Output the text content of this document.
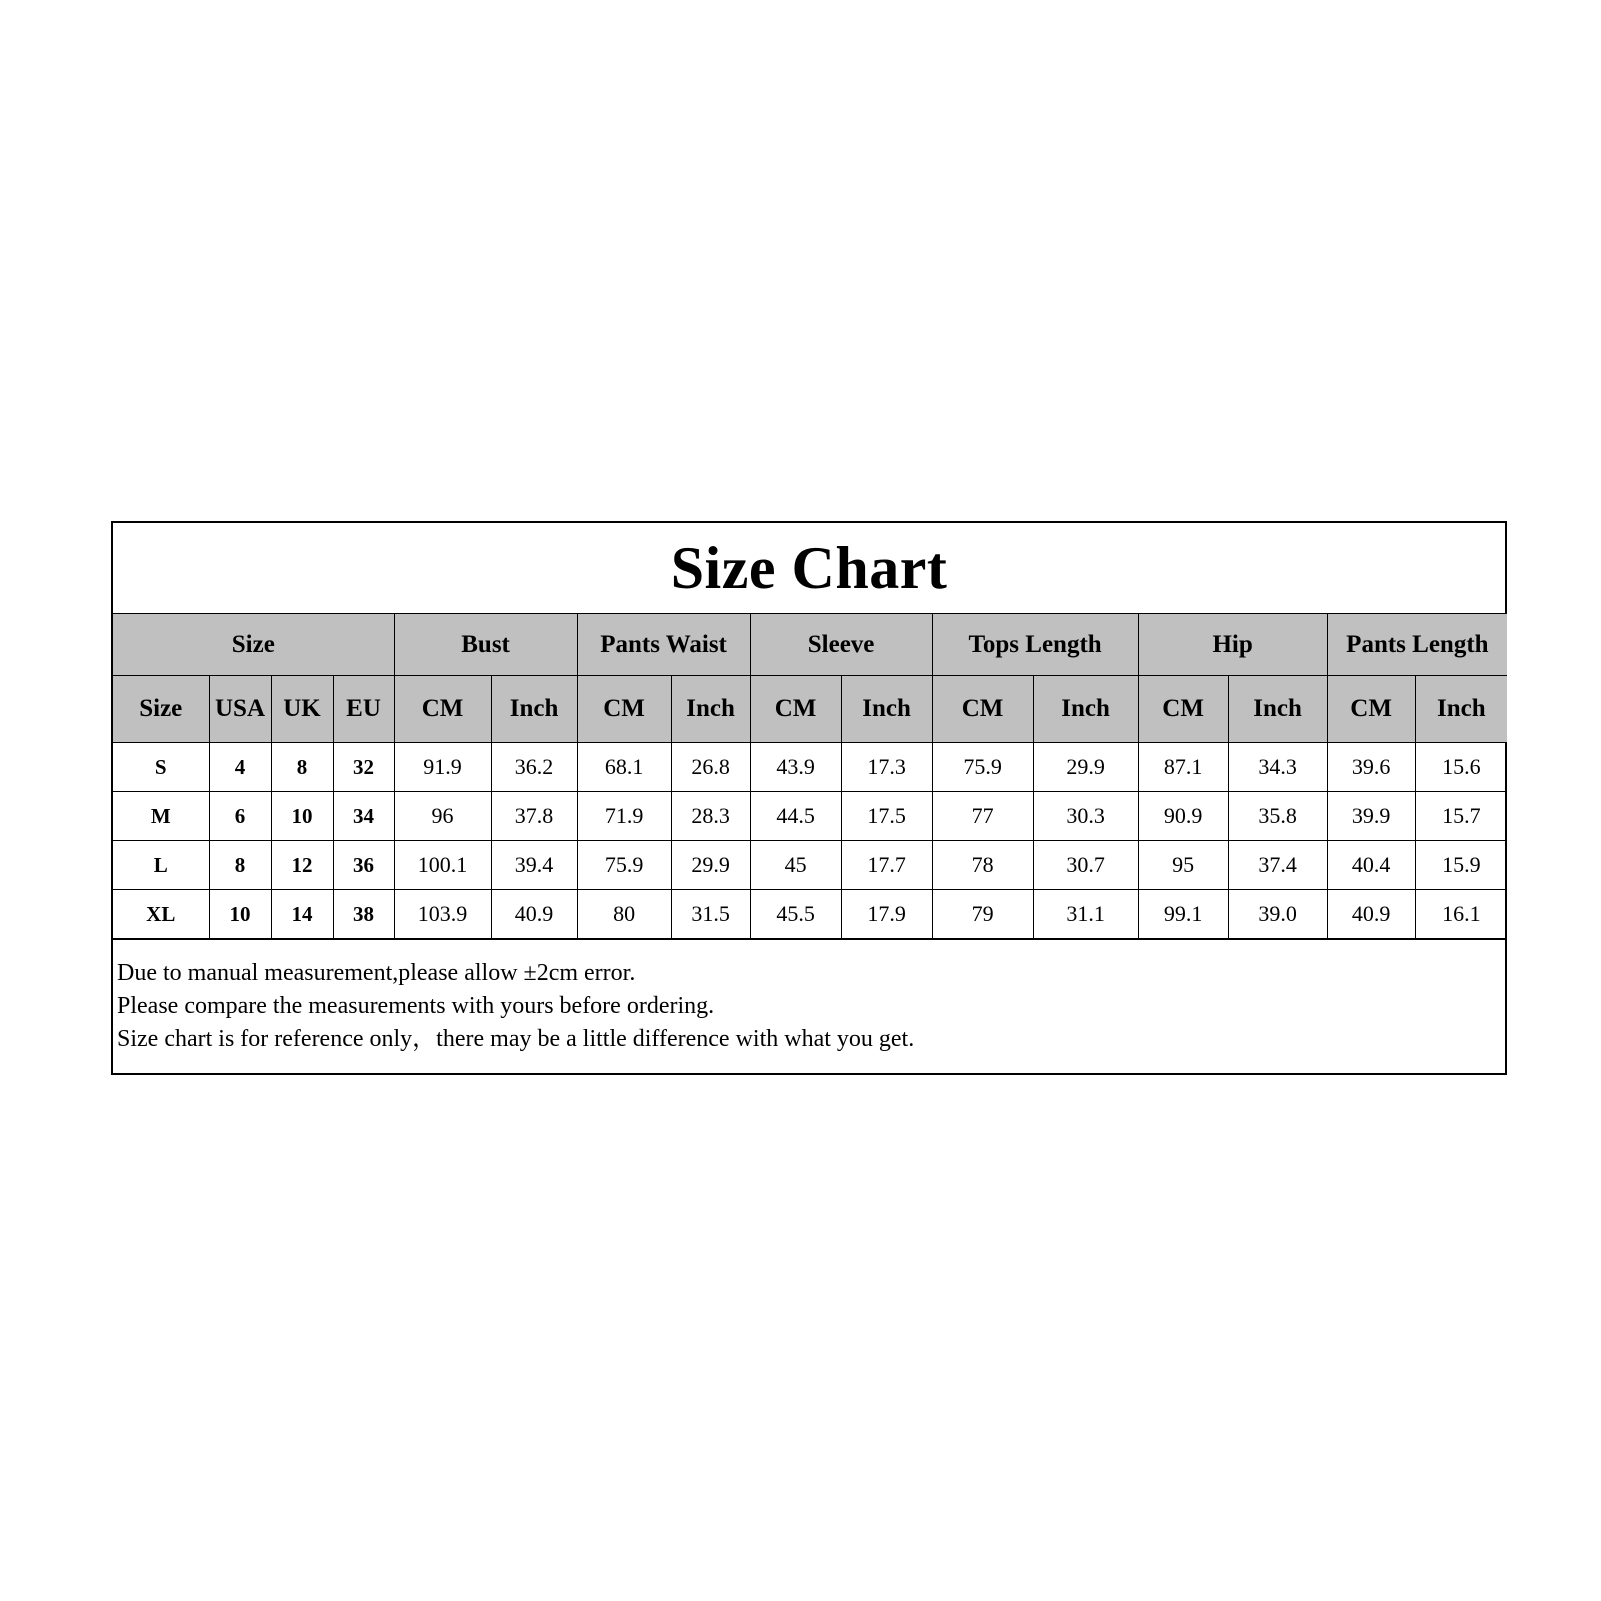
Size Chart
Size				Bust		Pants Waist		Sleeve		Tops Length		Hip		Pants Length	
Size	USA	UK	EU	CM	Inch	CM	Inch	CM	Inch	CM	Inch	CM	Inch	CM	Inch
S	4	8	32	91.9	36.2	68.1	26.8	43.9	17.3	75.9	29.9	87.1	34.3	39.6	15.6
M	6	10	34	96	37.8	71.9	28.3	44.5	17.5	77	30.3	90.9	35.8	39.9	15.7
L	8	12	36	100.1	39.4	75.9	29.9	45	17.7	78	30.7	95	37.4	40.4	15.9
XL	10	14	38	103.9	40.9	80	31.5	45.5	17.9	79	31.1	99.1	39.0	40.9	16.1
Due to manual measurement,please allow ±2cm error.
Please compare the measurements with yours before ordering.
Size chart is for reference only，there may be a little difference with what you get.
